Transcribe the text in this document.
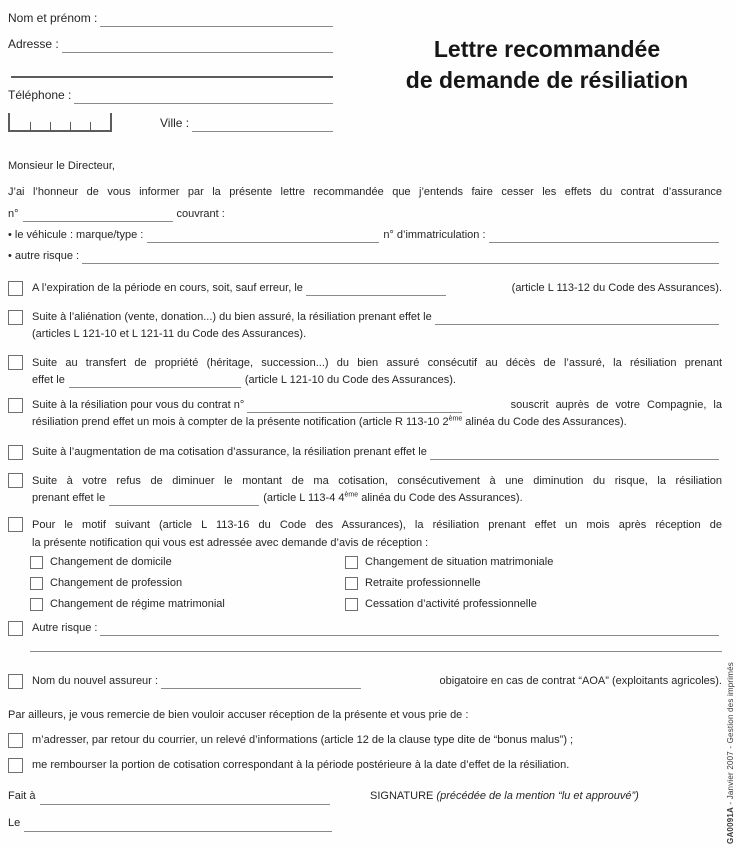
Nom et prénom :
Adresse :
Téléphone :
Ville :
Lettre recommandée
de demande de résiliation
Monsieur le Directeur,
J’ai l’honneur de vous informer par la présente lettre recommandée que j’entends faire cesser les effets du contrat d’assurance
n°	couvrant :
• le véhicule : marque/type :	n° d’immatriculation :
• autre risque :
A l’expiration de la période en cours, soit, sauf erreur, le	(article L 113-12 du Code des Assurances).
Suite à l’aliénation (vente, donation...) du bien assuré, la résiliation prenant effet le
(articles L 121-10 et L 121-11 du Code des Assurances).
Suite au transfert de propriété (héritage, succession...) du bien assuré consécutif au décès de l’assuré, la résiliation prenant
effet le	(article L 121-10 du Code des Assurances).
Suite à la résiliation pour vous du contrat n°	souscrit auprès de votre Compagnie, la
résiliation prend effet un mois à compter de la présente notification (article R 113-10 2ème alinéa du Code des Assurances).
Suite à l’augmentation de ma cotisation d’assurance, la résiliation prenant effet le
Suite à votre refus de diminuer le montant de ma cotisation, consécutivement à une diminution du risque, la résiliation
prenant effet le	(article L 113-4 4ème alinéa du Code des Assurances).
Pour le motif suivant (article L 113-16 du Code des Assurances), la résiliation prenant effet un mois après réception de
la présente notification qui vous est adressée avec demande d’avis de réception :
Changement de domicile	Changement de situation matrimoniale
Changement de profession	Retraite professionnelle
Changement de régime matrimonial	Cessation d’activité professionnelle
Autre risque :
Nom du nouvel assureur :	obigatoire en cas de contrat “AOA” (exploitants agricoles).
Par ailleurs, je vous remercie de bien vouloir accuser réception de la présente et vous prie de :
m’adresser, par retour du courrier, un relevé d’informations (article 12 de la clause type dite de “bonus malus”) ;
me rembourser la portion de cotisation correspondant à la période postérieure à la date d’effet de la résiliation.
Fait à
Le
SIGNATURE (précédée de la mention “lu et approuvé”)
GA0091A - Janvier 2007 - Gestion des imprimés
